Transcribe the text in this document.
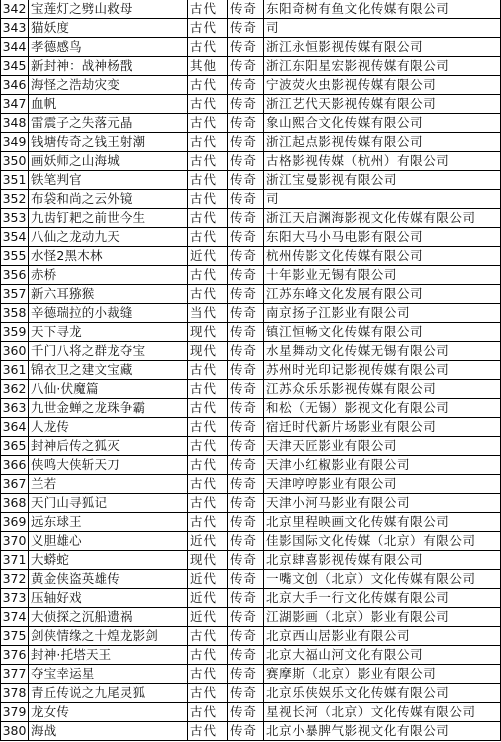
342	宝莲灯之劈山救母	古代	传奇	东阳奇树有鱼文化传媒有限公司
343	猫妖度	古代	传奇	司
344	孝德感鸟	古代	传奇	浙江永恒影视传媒有限公司
345	新封神：战神杨戬	其他	传奇	浙江东阳星宏影视传媒有限公司
346	海怪之浩劫灾变	古代	传奇	宁波荧火虫影视传媒有限公司
347	血帆	古代	传奇	浙江艺代天影视传媒有限公司
348	雷震子之失落元晶	古代	传奇	象山熙合文化传媒有限公司
349	钱塘传奇之钱王射潮	古代	传奇	浙江起点影视传媒有限公司
350	画妖师之山海城	古代	传奇	古格影视传媒（杭州）有限公司
351	铁笔判官	古代	传奇	浙江宝曼影视有限公司
352	布袋和尚之云外镜	古代	传奇	司
353	九齿钉耙之前世今生	古代	传奇	浙江天启渊海影视文化传媒有限公司
354	八仙之龙动九天	古代	传奇	东阳大马小马电影有限公司
355	水怪2黑木林	近代	传奇	杭州传影文化传媒有限公司
356	赤桥	古代	传奇	十年影业无锡有限公司
357	新六耳猕猴	古代	传奇	江苏东峰文化发展有限公司
358	辛德瑞拉的小裁缝	当代	传奇	南京扬子江影业有限公司
359	天下寻龙	现代	传奇	镇江恒畅文化传媒有限公司
360	千门八将之群龙夺宝	现代	传奇	水星舞动文化传媒无锡有限公司
361	锦衣卫之建文宝藏	古代	传奇	苏州时光印记影视传媒有限公司
362	八仙·伏魔篇	古代	传奇	江苏众乐乐影视传媒有限公司
363	九世金蝉之龙珠争霸	古代	传奇	和松（无锡）影视文化有限公司
364	人龙传	古代	传奇	宿迁时代新片场影业有限公司
365	封神后传之狐灭	古代	传奇	天津天匠影业有限公司
366	侠鸣大侠斩天刀	古代	传奇	天津小红椒影业有限公司
367	兰若	古代	传奇	天津哼哼影业有限公司
368	天门山寻狐记	古代	传奇	天津小河马影业有限公司
369	远东球王	古代	传奇	北京里程映画文化传媒有限公司
370	义胆雄心	近代	传奇	佳影国际文化传媒（北京）有限公司
371	大蟒蛇	现代	传奇	北京肆喜影视传媒有限公司
372	黄金侠盗英雄传	近代	传奇	一嘴文创（北京）文化传媒有限公司
373	压轴好戏	近代	传奇	北京大手一行文化传媒有限公司
374	大侦探之沉船遗祸	近代	传奇	江湖影画（北京）影业有限公司
375	剑侠情缘之十煌龙影剑	古代	传奇	北京西山居影业有限公司
376	封神·托塔天王	古代	传奇	北京大福山河文化有限公司
377	夺宝幸运星	古代	传奇	赛摩斯（北京）影业有限公司
378	青丘传说之九尾灵狐	古代	传奇	北京乐侠娱乐文化传媒有限公司
379	龙女传	古代	传奇	星视长河（北京）文化传媒有限公司
380	海战	古代	传奇	北京小暴脾气影视文化有限公司
